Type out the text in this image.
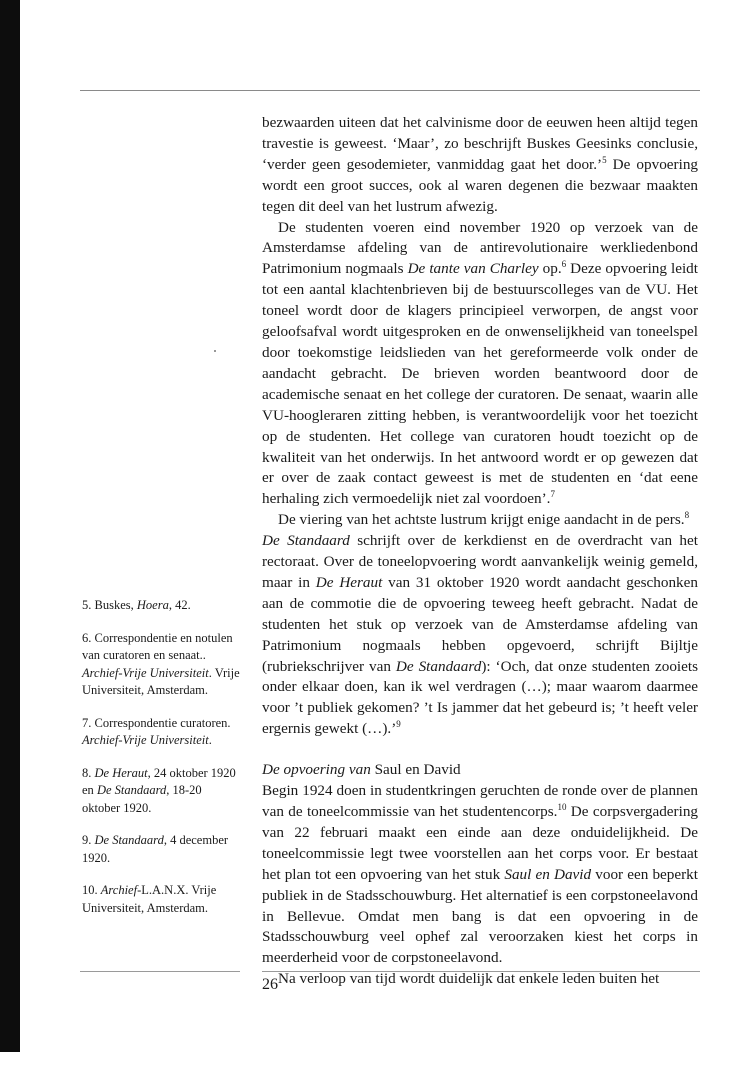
bezwaarden uiteen dat het calvinisme door de eeuwen heen altijd tegen travestie is geweest. ‘Maar’, zo beschrijft Buskes Geesinks conclusie, ‘verder geen gesodemieter, vanmiddag gaat het door.’$^5$ De opvoering wordt een groot succes, ook al waren degenen die bezwaar maakten tegen dit deel van het lustrum afwezig.

De studenten voeren eind november 1920 op verzoek van de Amsterdamse afdeling van de antirevolutionaire werkliedenbond Patrimonium nogmaals De tante van Charley op.$^6$ Deze opvoering leidt tot een aantal klachtenbrieven bij de bestuurscolleges van de VU. Het toneel wordt door de klagers principieel verworpen, de angst voor geloofsafval wordt uitgesproken en de onwenselijkheid van toneelspel door toekomstige leidslieden van het gereformeerde volk onder de aandacht gebracht. De brieven worden beantwoord door de academische senaat en het college der curatoren. De senaat, waarin alle VU-hoogleraren zitting hebben, is verantwoordelijk voor het toezicht op de studenten. Het college van curatoren houdt toezicht op de kwaliteit van het onderwijs. In het antwoord wordt er op gewezen dat er over de zaak contact geweest is met de studenten en ‘dat eene herhaling zich vermoedelijk niet zal voordoen’.$^7$

De viering van het achtste lustrum krijgt enige aandacht in de pers.$^8$
De Standaard schrijft over de kerkdienst en de overdracht van het rectoraat. Over de toneelopvoering wordt aanvankelijk weinig gemeld, maar in De Heraut van 31 oktober 1920 wordt aandacht geschonken aan de commotie die de opvoering teweeg heeft gebracht. Nadat de studenten het stuk op verzoek van de Amsterdamse afdeling van Patrimonium nogmaals hebben opgevoerd, schrijft Bijltje (rubriekschrijver van De Standaard): ‘Och, dat onze studenten zooiets onder elkaar doen, kan ik wel verdragen (…); maar waarom daarmee voor ’t publiek gekomen? ’t Is jammer dat het gebeurd is; ’t heeft veler ergernis gewekt (…).’$^9$

De opvoering van Saul en David

Begin 1924 doen in studentkringen geruchten de ronde over de plannen van de toneelcommissie van het studentencorps.$^{10}$ De corpsvergadering van 22 februari maakt een einde aan deze onduidelijkheid. De toneelcommissie legt twee voorstellen aan het corps voor. Er bestaat het plan tot een opvoering van het stuk Saul en David voor een beperkt publiek in de Stadsschouwburg. Het alternatief is een corpstoneelavond in Bellevue. Omdat men bang is dat een opvoering in de Stadsschouwburg veel ophef zal veroorzaken kiest het corps in meerderheid voor de corpstoneelavond.

Na verloop van tijd wordt duidelijk dat enkele leden buiten het

5. Buskes, Hoera, 42.

6. Correspondentie en notulen van curatoren en senaat.. Archief-Vrije Universiteit. Vrije Universiteit, Amsterdam.

7. Correspondentie curatoren. Archief-Vrije Universiteit.

8. De Heraut, 24 oktober 1920 en De Standaard, 18-20 oktober 1920.

9. De Standaard, 4 december 1920.

10. Archief-L.A.N.X. Vrije Universiteit, Amsterdam.

26
